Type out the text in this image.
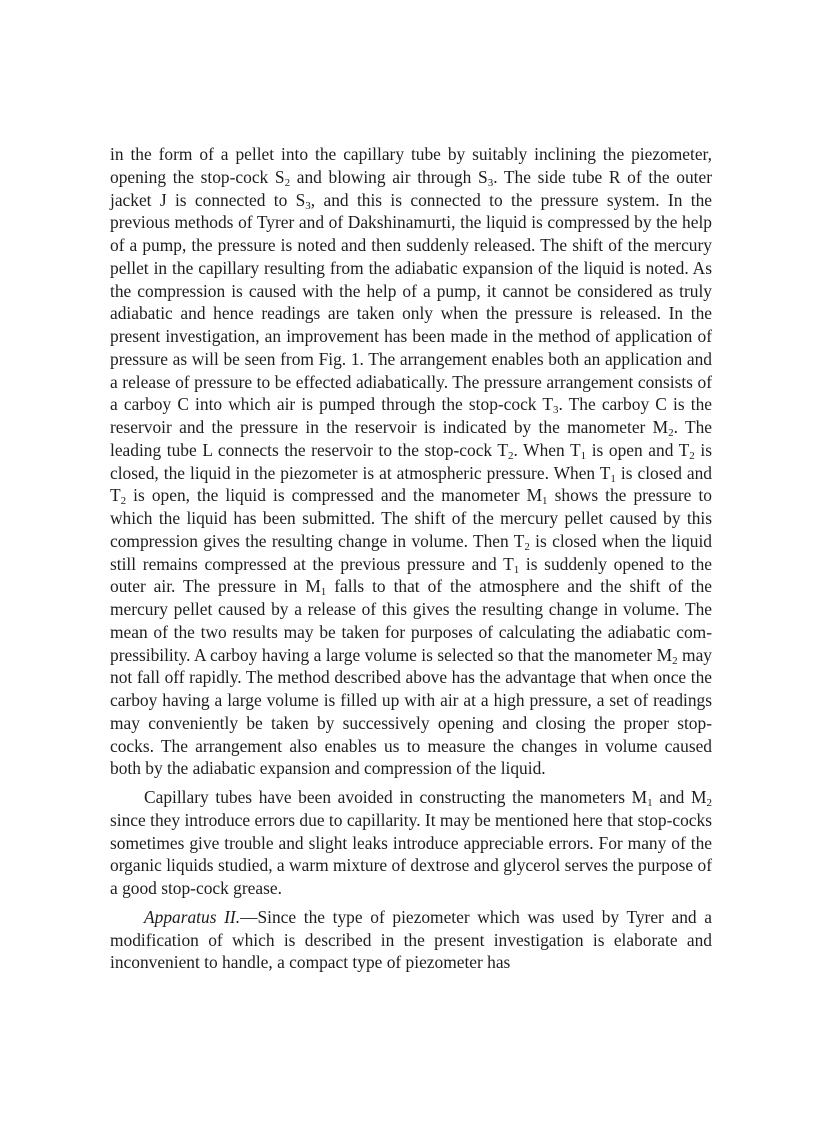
in the form of a pellet into the capillary tube by suitably inclining the piezometer, opening the stop-cock $S_2$ and blowing air through $S_3$. The side tube R of the outer jacket J is connected to $S_3$, and this is connected to the pressure system. In the previous methods of Tyrer and of Dakshinamurti, the liquid is compressed by the help of a pump, the pressure is noted and then suddenly released. The shift of the mercury pellet in the capillary resulting from the adiabatic expansion of the liquid is noted. As the compression is caused with the help of a pump, it cannot be considered as truly adiabatic and hence readings are taken only when the pressure is released. In the present investigation, an improvement has been made in the method of application of pressure as will be seen from Fig. 1. The arrangement enables both an application and a release of pressure to be effected adiabatically. The pressure arrangement consists of a carboy C into which air is pumped through the stop-cock $T_3$. The carboy C is the reservoir and the pressure in the reservoir is indicated by the manometer $M_2$. The leading tube L connects the reservoir to the stop-cock $T_2$. When $T_1$ is open and $T_2$ is closed, the liquid in the piezometer is at atmospheric pressure. When $T_1$ is closed and $T_2$ is open, the liquid is compressed and the manometer $M_1$ shows the pressure to which the liquid has been submitted. The shift of the mercury pellet caused by this compression gives the resulting change in volume. Then $T_2$ is closed when the liquid still remains compressed at the previous pressure and $T_1$ is suddenly opened to the outer air. The pressure in $M_1$ falls to that of the atmosphere and the shift of the mercury pellet caused by a release of this gives the resulting change in volume. The mean of the two results may be taken for purposes of calculating the adiabatic compressibility. A carboy having a large volume is selected so that the manometer $M_2$ may not fall off rapidly. The method described above has the advantage that when once the carboy having a large volume is filled up with air at a high pressure, a set of readings may conveniently be taken by successively opening and closing the proper stop-cocks. The arrangement also enables us to measure the changes in volume caused both by the adiabatic expansion and compression of the liquid.

Capillary tubes have been avoided in constructing the manometers $M_1$ and $M_2$ since they introduce errors due to capillarity. It may be mentioned here that stop-cocks sometimes give trouble and slight leaks introduce appreciable errors. For many of the organic liquids studied, a warm mixture of dextrose and glycerol serves the purpose of a good stop-cock grease.

Apparatus II.—Since the type of piezometer which was used by Tyrer and a modification of which is described in the present investigation is elaborate and inconvenient to handle, a compact type of piezometer has
